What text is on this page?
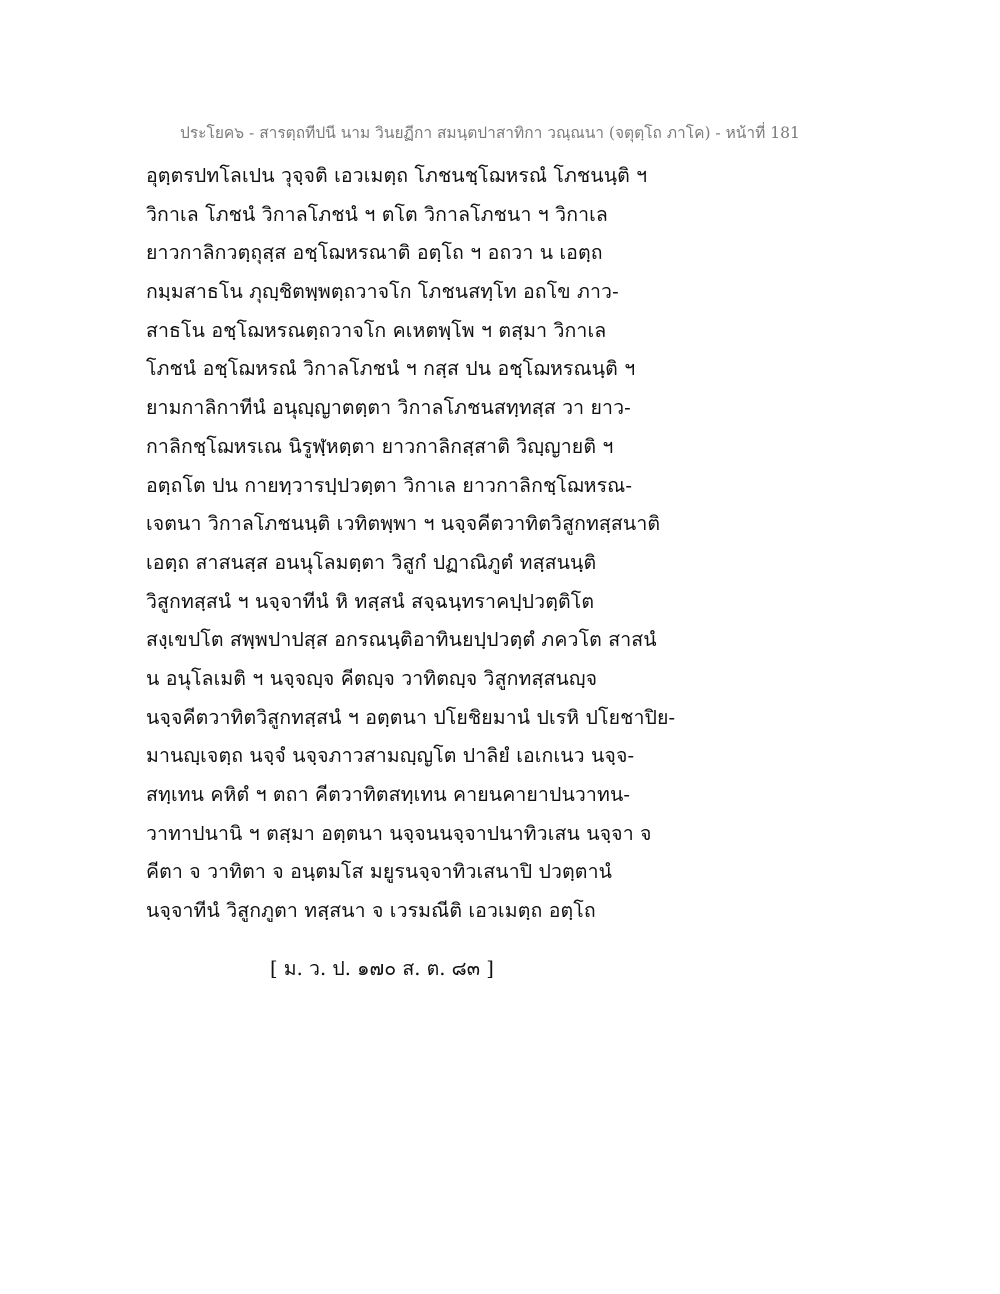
ประโยค๖ - สารตฺถทีปนี นาม วินยฏีกา สมนฺตปาสาทิกา วณฺณนา (จตุตฺโถ ภาโค) - หน้าที่ 181
อุตฺตรปทโลเปน วุจฺจติ เอวเมตฺถ โภชนชฺโฌหรณํ โภชนนฺติ ฯ
วิกาเล โภชนํ วิกาลโภชนํ ฯ ตโต วิกาลโภชนา ฯ วิกาเล
ยาวกาลิกวตฺถุสฺส อชฺโฌหรณาติ อตฺโถ ฯ อถวา น เอตฺถ
กมฺมสาธโน ภุญฺชิตพฺพตฺถวาจโก โภชนสทฺโท อถโข ภาว-
สาธโน อชฺโฌหรณตฺถวาจโก คเหตพฺโพ ฯ ตสฺมา วิกาเล
โภชนํ อชฺโฌหรณํ วิกาลโภชนํ ฯ กสฺส ปน อชฺโฌหรณนฺติ ฯ
ยามกาลิกาทีนํ อนุญฺญาตตฺตา วิกาลโภชนสทฺทสฺส วา ยาว-
กาลิกชฺโฌหรเณ นิรูฬฺหตฺตา ยาวกาลิกสฺสาติ วิญฺญายติ ฯ
อตฺถโต ปน กายทฺวารปฺปวตฺตา วิกาเล ยาวกาลิกชฺโฌหรณ-
เจตนา วิกาลโภชนนฺติ เวทิตพฺพา ฯ นจฺจคีตวาทิตวิสูกทสฺสนาติ
เอตฺถ สาสนสฺส อนนุโลมตฺตา วิสูกํ ปฏาณิภูตํ ทสฺสนนฺติ
วิสูกทสฺสนํ ฯ นจฺจาทีนํ หิ ทสฺสนํ สจฺฉนฺทราคปฺปวตฺติโต
สงฺเขปโต สพฺพปาปสฺส อกรณนฺติอาทินยปฺปวตฺตํ ภควโต สาสนํ
น อนุโลเมติ ฯ นจฺจญฺจ คีตญฺจ วาทิตญฺจ วิสูกทสฺสนญฺจ
นจฺจคีตวาทิตวิสูกทสฺสนํ ฯ อตฺตนา ปโยชิยมานํ ปเรหิ ปโยชาปิย-
มานญฺเจตฺถ นจฺจํ นจฺจภาวสามญฺญโต ปาลิยํ เอเกเนว นจฺจ-
สทฺเทน คหิตํ ฯ ตถา คีตวาทิตสทฺเทน คายนคายาปนวาทน-
วาทาปนานิ ฯ ตสฺมา อตฺตนา นจฺจนนจฺจาปนาทิวเสน นจฺจา จ
คีตา จ วาทิตา จ อนฺตมโส มยูรนจฺจาทิวเสนาปิ ปวตฺตานํ
นจฺจาทีนํ วิสูกภูตา ทสฺสนา จ เวรมณีติ เอวเมตฺถ อตฺโถ
[ ม. ว. ป. ๑๗๐ ส. ต. ๘๓ ]
